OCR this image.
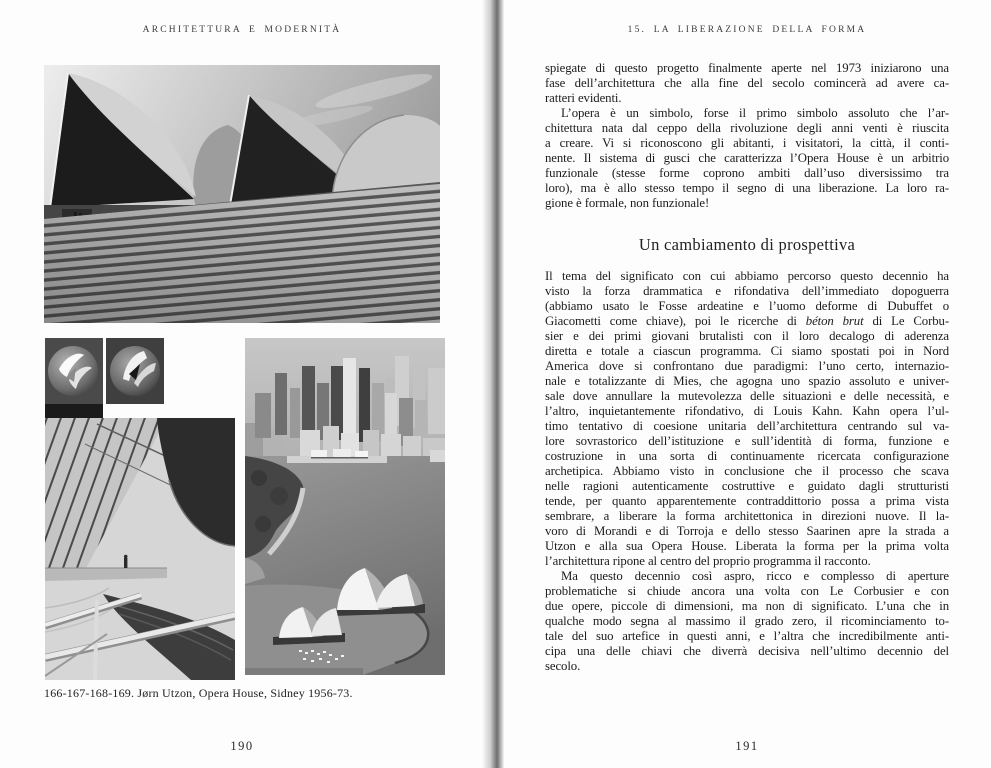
ARCHITETTURA E MODERNITÀ
166-167-168-169. Jørn Utzon, Opera House, Sidney 1956-73.
190
15. LA LIBERAZIONE DELLA FORMA
spiegate di questo progetto finalmente aperte nel 1973 iniziarono una
fase dell’architettura che alla fine del secolo comincerà ad avere ca-
ratteri evidenti.
L’opera è un simbolo, forse il primo simbolo assoluto che l’ar-
chitettura nata dal ceppo della rivoluzione degli anni venti è riuscita
a creare. Vi si riconoscono gli abitanti, i visitatori, la città, il conti-
nente. Il sistema di gusci che caratterizza l’Opera House è un arbitrio
funzionale (stesse forme coprono ambiti dall’uso diversissimo tra
loro), ma è allo stesso tempo il segno di una liberazione. La loro ra-
gione è formale, non funzionale!
Un cambiamento di prospettiva
Il tema del significato con cui abbiamo percorso questo decennio ha
visto la forza drammatica e rifondativa dell’immediato dopoguerra
(abbiamo usato le Fosse ardeatine e l’uomo deforme di Dubuffet o
Giacometti come chiave), poi le ricerche di béton brut di Le Corbu-
sier e dei primi giovani brutalisti con il loro decalogo di aderenza
diretta e totale a ciascun programma. Ci siamo spostati poi in Nord
America dove si confrontano due paradigmi: l’uno certo, internazio-
nale e totalizzante di Mies, che agogna uno spazio assoluto e univer-
sale dove annullare la mutevolezza delle situazioni e delle necessità, e
l’altro, inquietantemente rifondativo, di Louis Kahn. Kahn opera l’ul-
timo tentativo di coesione unitaria dell’architettura centrando sul va-
lore sovrastorico dell’istituzione e sull’identità di forma, funzione e
costruzione in una sorta di continuamente ricercata configurazione
archetipica. Abbiamo visto in conclusione che il processo che scava
nelle ragioni autenticamente costruttive e guidato dagli strutturisti
tende, per quanto apparentemente contraddittorio possa a prima vista
sembrare, a liberare la forma architettonica in direzioni nuove. Il la-
voro di Morandi e di Torroja e dello stesso Saarinen apre la strada a
Utzon e alla sua Opera House. Liberata la forma per la prima volta
l’architettura ripone al centro del proprio programma il racconto.
Ma questo decennio così aspro, ricco e complesso di aperture
problematiche si chiude ancora una volta con Le Corbusier e con
due opere, piccole di dimensioni, ma non di significato. L’una che in
qualche modo segna al massimo il grado zero, il ricominciamento to-
tale del suo artefice in questi anni, e l’altra che incredibilmente anti-
cipa una delle chiavi che diverrà decisiva nell’ultimo decennio del
secolo.
191
